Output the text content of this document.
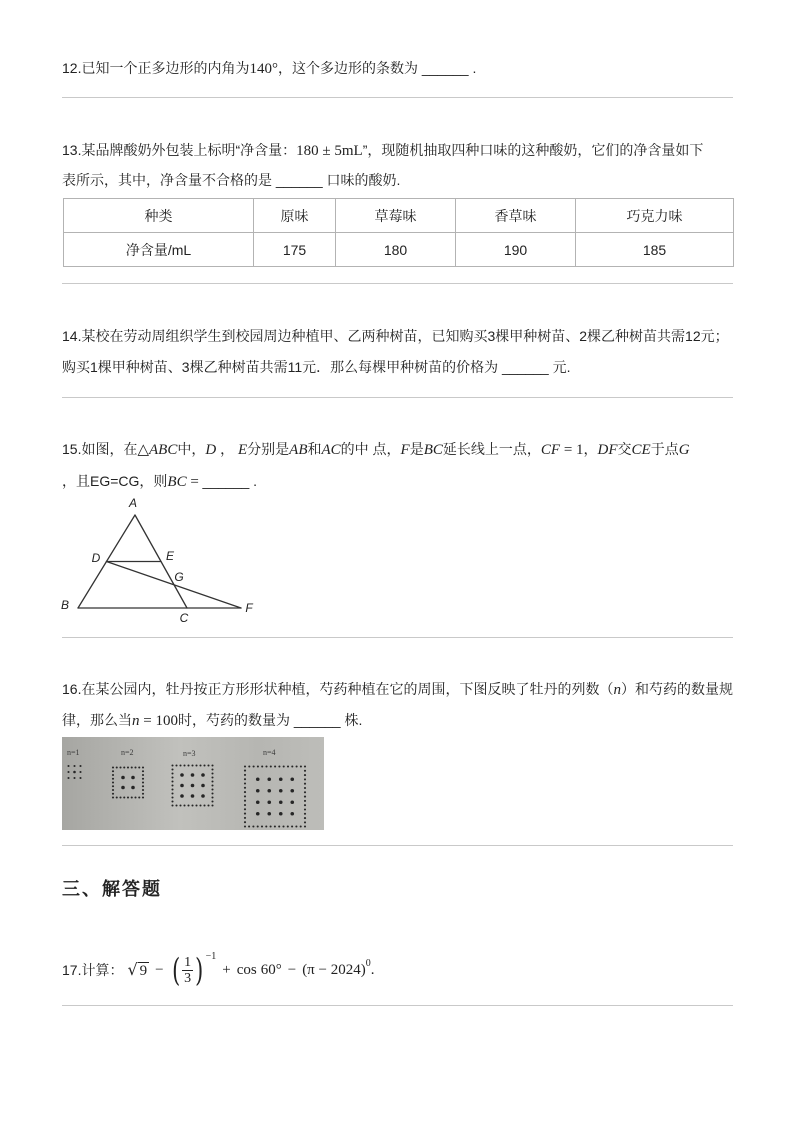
12.已知一个正多边形的内角为140°，这个多边形的条数为 ______ .
13.某品牌酸奶外包装上标明“净含量：180 ± 5mL”，现随机抽取四种口味的这种酸奶，它们的净含量如下
表所示，其中，净含量不合格的是 ______ 口味的酸奶.
种类	原味	草莓味	香草味	巧克力味
净含量/mL	175	180	190	185
14.某校在劳动周组织学生到校园周边种植甲、乙两种树苗，已知购买3棵甲种树苗、2棵乙种树苗共需12元；
购买1棵甲种树苗、3棵乙种树苗共需11元．那么每棵甲种树苗的价格为 ______ 元.
15.如图，在△ABC中，D ， E分别是AB和AC的中 点，F是BC延长线上一点，CF = 1，DF交CE于点G
，且EG=CG，则BC = ______ .
A
D	E
G
B
C
F
16.在某公园内，牡丹按正方形形状种植，芍药种植在它的周围，下图反映了牡丹的列数（n）和芍药的数量规
律，那么当n = 100时，芍药的数量为 ______ 株.
n=1	n=2	n=3	n=4
三、解答题
17.计算： √ 9 − ( $\frac{1}{3}$ ) −1
+ cos 60° − (π − 2024) 0 .
